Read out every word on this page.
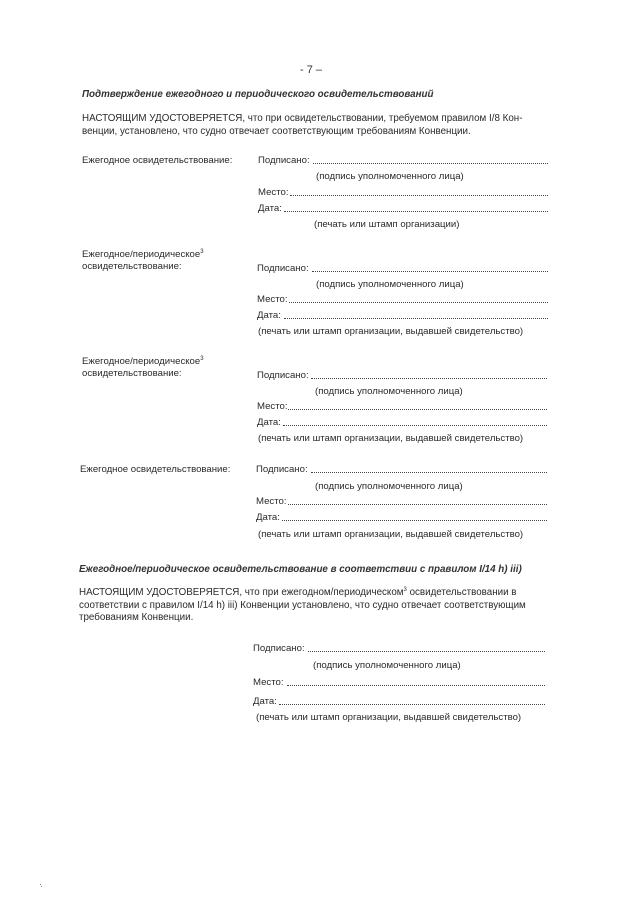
- 7 –
Подтверждение ежегодного и периодического освидетельствований
НАСТОЯЩИМ УДОСТОВЕРЯЕТСЯ, что при освидетельствовании, требуемом правилом I/8 Кон-
венции, установлено, что судно отвечает соответствующим требованиям Конвенции.
Ежегодное освидетельствование:	Подписано:
(подпись уполномоченного лица)
Место:
Дата:
(печать или штамп организации)
Ежегодное/периодическое$^3$
освидетельствование:	Подписано:
(подпись уполномоченного лица)
Место:
Дата:
(печать или штамп организации, выдавшей свидетельство)
Ежегодное/периодическое$^3$
освидетельствование:	Подписано:
(подпись уполномоченного лица)
Место:
Дата:
(печать или штамп организации, выдавшей свидетельство)
Ежегодное освидетельствование:	Подписано:
(подпись уполномоченного лица)
Место:
Дата:
(печать или штамп организации, выдавшей свидетельство)
Ежегодное/периодическое освидетельствование в соответствии с правилом I/14 h) iii)
НАСТОЯЩИМ УДОСТОВЕРЯЕТСЯ, что при ежегодном/периодическом$^3$ освидетельствовании в
соответствии с правилом I/14 h) iii) Конвенции установлено, что судно отвечает соответствующим
требованиям Конвенции.
Подписано:
(подпись уполномоченного лица)
Место:
Дата:
(печать или штамп организации, выдавшей свидетельство)
